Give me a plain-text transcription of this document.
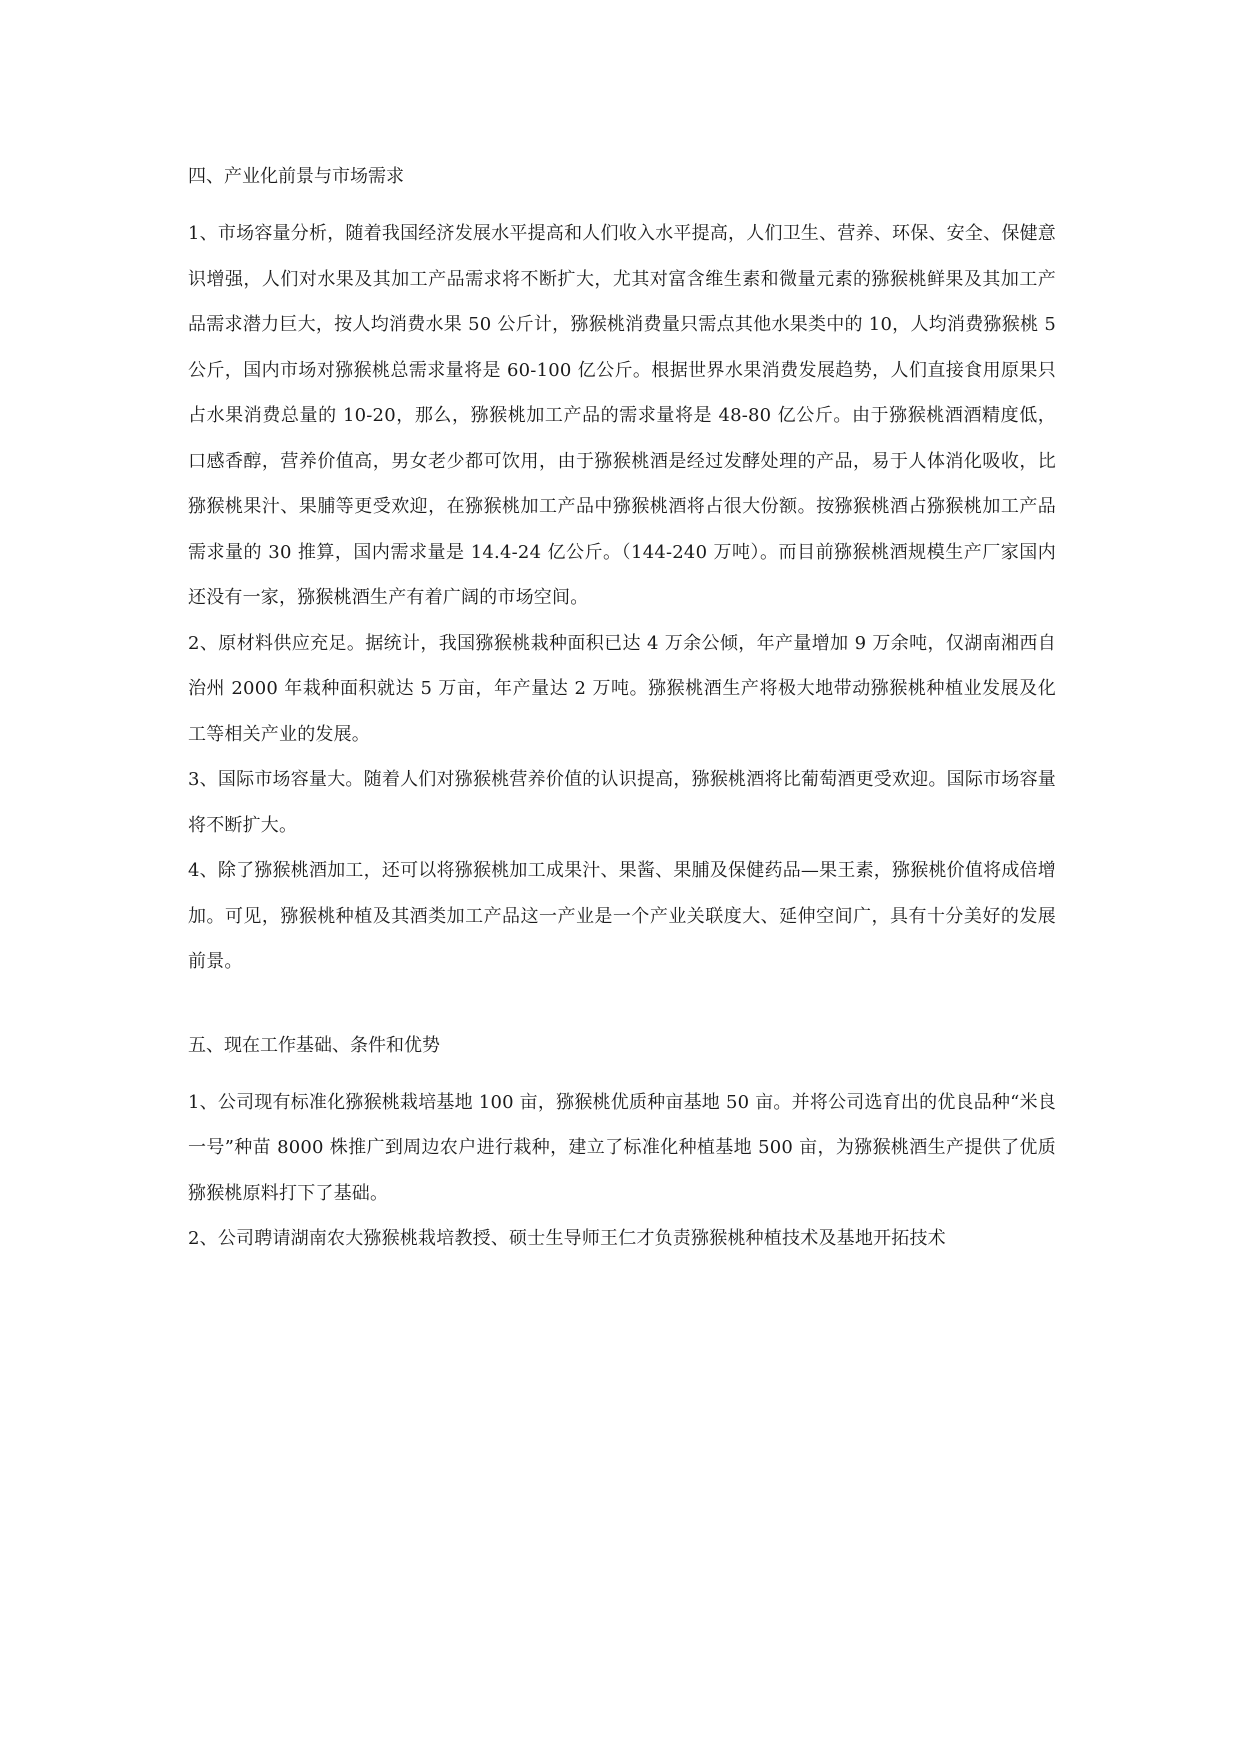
四、产业化前景与市场需求

1、市场容量分析，随着我国经济发展水平提高和人们收入水平提高，人们卫生、营养、环保、安全、保健意识增强，人们对水果及其加工产品需求将不断扩大，尤其对富含维生素和微量元素的猕猴桃鲜果及其加工产品需求潜力巨大，按人均消费水果 50 公斤计，猕猴桃消费量只需点其他水果类中的 10，人均消费猕猴桃 5 公斤，国内市场对猕猴桃总需求量将是 60-100 亿公斤。根据世界水果消费发展趋势，人们直接食用原果只占水果消费总量的 10-20，那么，猕猴桃加工产品的需求量将是 48-80 亿公斤。由于猕猴桃酒酒精度低，口感香醇，营养价值高，男女老少都可饮用，由于猕猴桃酒是经过发酵处理的产品，易于人体消化吸收，比猕猴桃果汁、果脯等更受欢迎，在猕猴桃加工产品中猕猴桃酒将占很大份额。按猕猴桃酒占猕猴桃加工产品需求量的 30 推算，国内需求量是 14.4-24 亿公斤。（144-240 万吨）。而目前猕猴桃酒规模生产厂家国内还没有一家，猕猴桃酒生产有着广阔的市场空间。

2、原材料供应充足。据统计，我国猕猴桃栽种面积已达 4 万余公倾，年产量增加 9 万余吨，仅湖南湘西自治州 2000 年栽种面积就达 5 万亩，年产量达 2 万吨。猕猴桃酒生产将极大地带动猕猴桃种植业发展及化工等相关产业的发展。

3、国际市场容量大。随着人们对猕猴桃营养价值的认识提高，猕猴桃酒将比葡萄酒更受欢迎。国际市场容量将不断扩大。

4、除了猕猴桃酒加工，还可以将猕猴桃加工成果汁、果酱、果脯及保健药品—果王素，猕猴桃价值将成倍增加。可见，猕猴桃种植及其酒类加工产品这一产业是一个产业关联度大、延伸空间广，具有十分美好的发展前景。

五、现在工作基础、条件和优势

1、公司现有标准化猕猴桃栽培基地 100 亩，猕猴桃优质种亩基地 50 亩。并将公司选育出的优良品种“米良一号”种苗 8000 株推广到周边农户进行栽种，建立了标准化种植基地 500 亩，为猕猴桃酒生产提供了优质猕猴桃原料打下了基础。

2、公司聘请湖南农大猕猴桃栽培教授、硕士生导师王仁才负责猕猴桃种植技术及基地开拓技术
